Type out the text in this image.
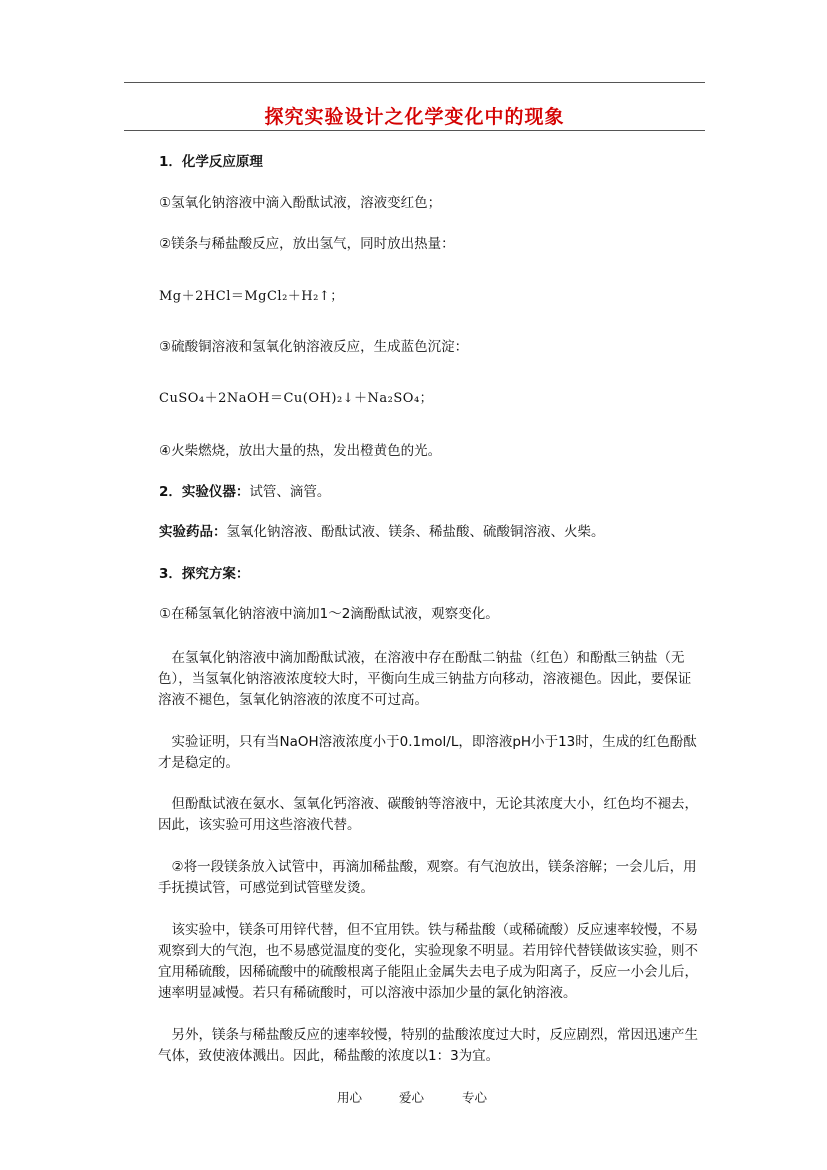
探究实验设计之化学变化中的现象

1．化学反应原理

①氢氧化钠溶液中滴入酚酞试液，溶液变红色；

②镁条与稀盐酸反应，放出氢气，同时放出热量：

Mg＋2HCl＝MgCl₂＋H₂↑；

③硫酸铜溶液和氢氧化钠溶液反应，生成蓝色沉淀：

CuSO₄＋2NaOH＝Cu(OH)₂↓＋Na₂SO₄；

④火柴燃烧，放出大量的热，发出橙黄色的光。

2．实验仪器：试管、滴管。

实验药品：氢氧化钠溶液、酚酞试液、镁条、稀盐酸、硫酸铜溶液、火柴。

3．探究方案：

①在稀氢氧化钠溶液中滴加1～2滴酚酞试液，观察变化。

在氢氧化钠溶液中滴加酚酞试液，在溶液中存在酚酞二钠盐（红色）和酚酞三钠盐（无色），当氢氧化钠溶液浓度较大时，平衡向生成三钠盐方向移动，溶液褪色。因此，要保证溶液不褪色，氢氧化钠溶液的浓度不可过高。

实验证明，只有当NaOH溶液浓度小于0.1mol/L，即溶液pH小于13时，生成的红色酚酞才是稳定的。

但酚酞试液在氨水、氢氧化钙溶液、碳酸钠等溶液中，无论其浓度大小，红色均不褪去，因此，该实验可用这些溶液代替。

②将一段镁条放入试管中，再滴加稀盐酸，观察。有气泡放出，镁条溶解；一会儿后，用手抚摸试管，可感觉到试管壁发烫。

该实验中，镁条可用锌代替，但不宜用铁。铁与稀盐酸（或稀硫酸）反应速率较慢，不易观察到大的气泡，也不易感觉温度的变化，实验现象不明显。若用锌代替镁做该实验，则不宜用稀硫酸，因稀硫酸中的硫酸根离子能阻止金属失去电子成为阳离子，反应一小会儿后，速率明显减慢。若只有稀硫酸时，可以溶液中添加少量的氯化钠溶液。

另外，镁条与稀盐酸反应的速率较慢，特别的盐酸浓度过大时，反应剧烈，常因迅速产生气体，致使液体溅出。因此，稀盐酸的浓度以1：3为宜。

用心	爱心	专心
